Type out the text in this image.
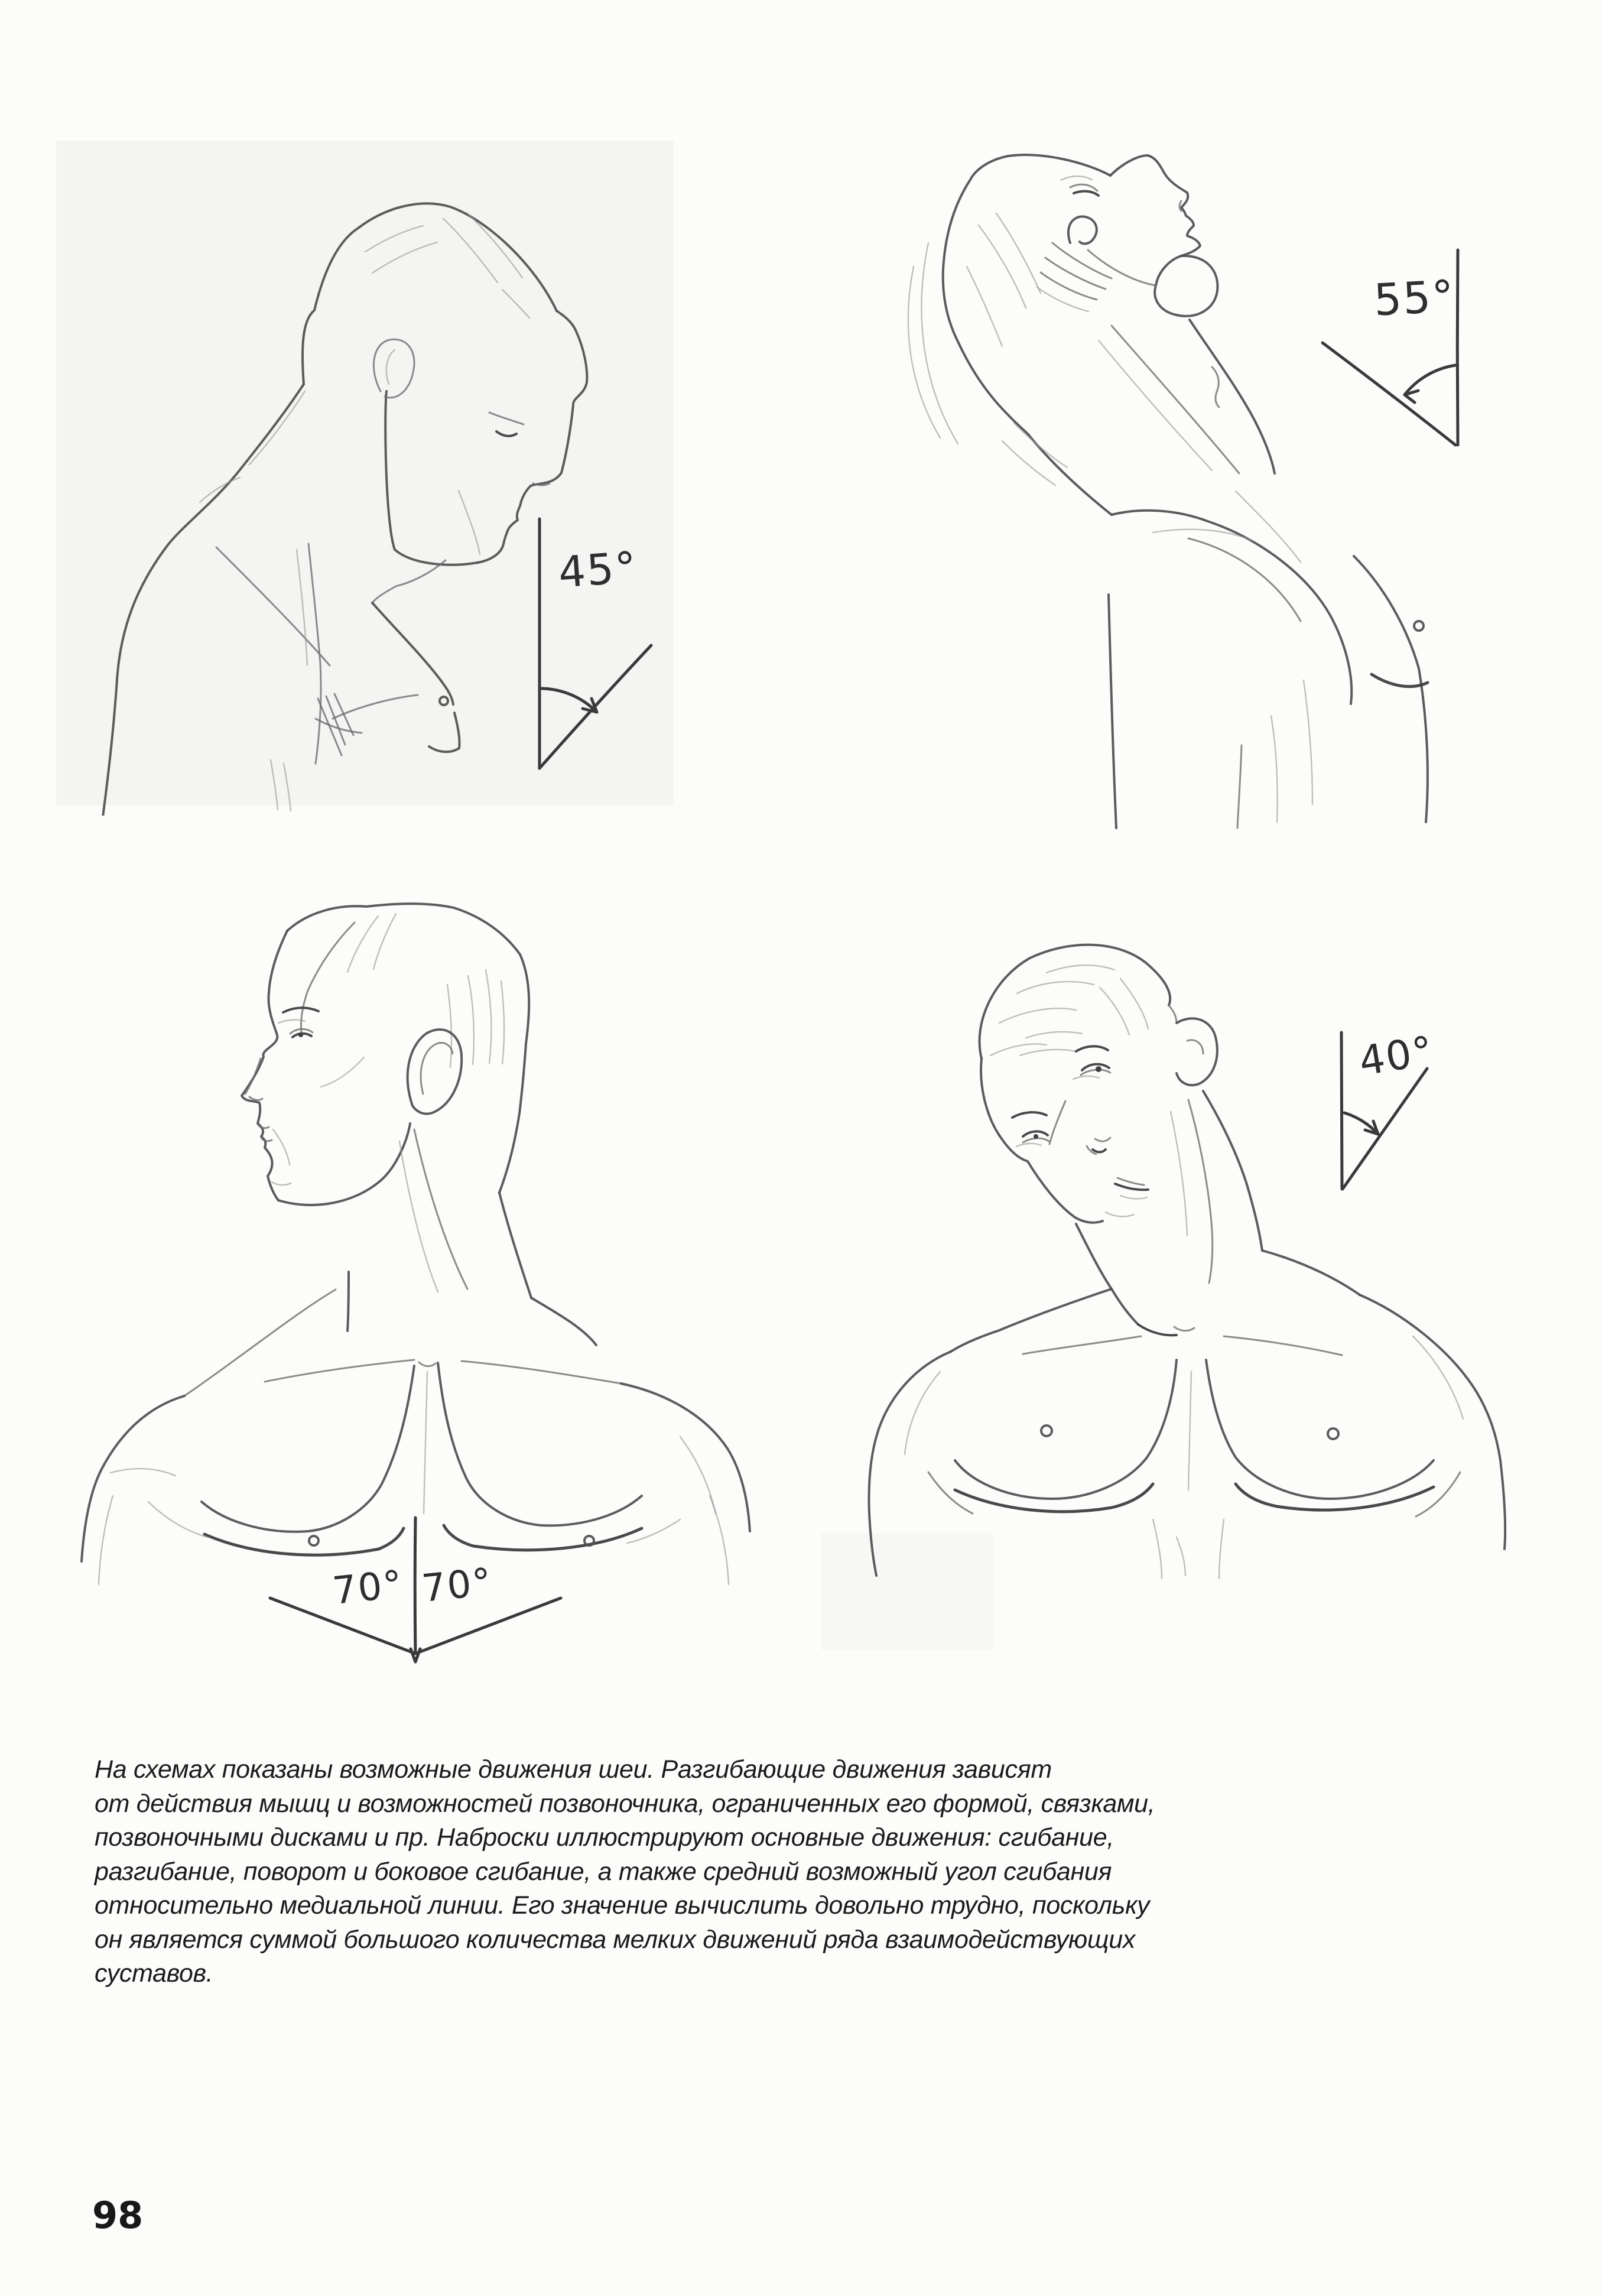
45°
55°
70° 70°
40°
На схемах показаны возможные движения шеи. Разгибающие движения зависят
от действия мышц и возможностей позвоночника, ограниченных его формой, связками,
позвоночными дисками и пр. Наброски иллюстрируют основные движения: сгибание,
разгибание, поворот и боковое сгибание, а также средний возможный угол сгибания
относительно медиальной линии. Его значение вычислить довольно трудно, поскольку
он является суммой большого количества мелких движений ряда взаимодействующих
суставов.
98
